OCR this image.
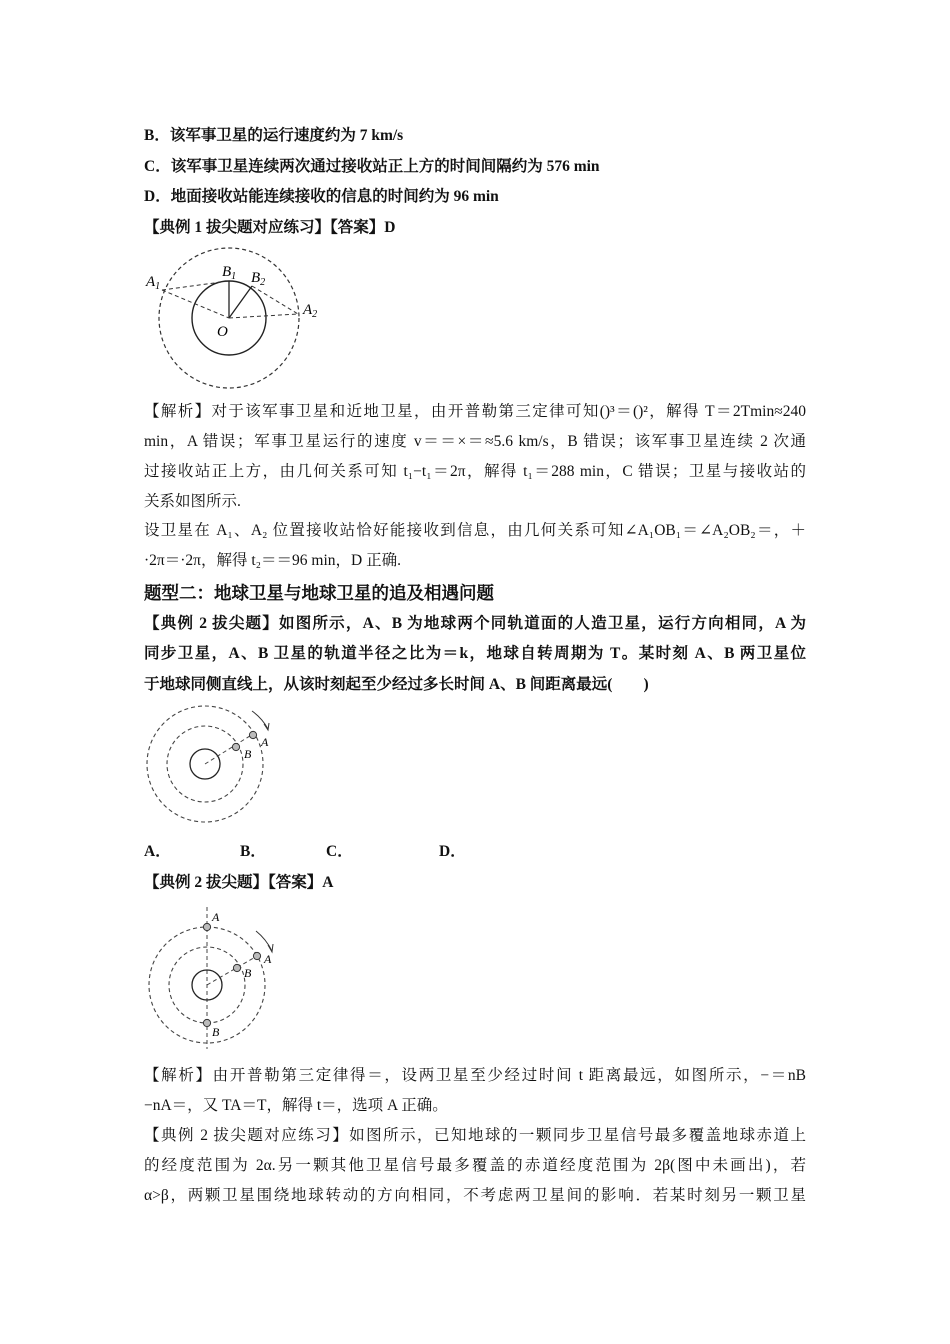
B．该军事卫星的运行速度约为 7 km/s
C．该军事卫星连续两次通过接收站正上方的时间间隔约为 576 min
D．地面接收站能连续接收的信息的时间约为 96 min
【典例 1 拔尖题对应练习】【答案】D
$A_1$
$B_1$ $B_2$
$A_2$
O
【解析】对于该军事卫星和近地卫星，由开普勒第三定律可知()³＝()²，解得 T＝2Tmin≈240
min，A 错误；军事卫星运行的速度 v＝＝×＝≈5.6 km/s，B 错误；该军事卫星连续 2 次通
过接收站正上方，由几何关系可知 t₁−t₁＝2π，解得 t₁＝288 min，C 错误；卫星与接收站的
关系如图所示.
设卫星在 A₁、A₂ 位置接收站恰好能接收到信息，由几何关系可知∠A₁OB₁＝∠A₂OB₂＝，＋
·2π＝·2π，解得 t₂＝＝96 min，D 正确.
题型二：地球卫星与地球卫星的追及相遇问题
【典例 2 拔尖题】如图所示，A、B 为地球两个同轨道面的人造卫星，运行方向相同，A 为
同步卫星，A、B 卫星的轨道半径之比为＝k，地球自转周期为 T。某时刻 A、B 两卫星位
于地球同侧直线上，从该时刻起至少经过多长时间 A、B 间距离最远(　　)
A
B
A．	B．	C．	D．
【典例 2 拔尖题】【答案】A
A
A
B
B
【解析】由开普勒第三定律得＝，设两卫星至少经过时间 t 距离最远，如图所示，−＝nB
−nA＝，又 TA＝T，解得 t＝，选项 A 正确。
【典例 2 拔尖题对应练习】如图所示，已知地球的一颗同步卫星信号最多覆盖地球赤道上
的经度范围为 2α.另一颗其他卫星信号最多覆盖的赤道经度范围为 2β(图中未画出)，若
α>β，两颗卫星围绕地球转动的方向相同，不考虑两卫星间的影响．若某时刻另一颗卫星
